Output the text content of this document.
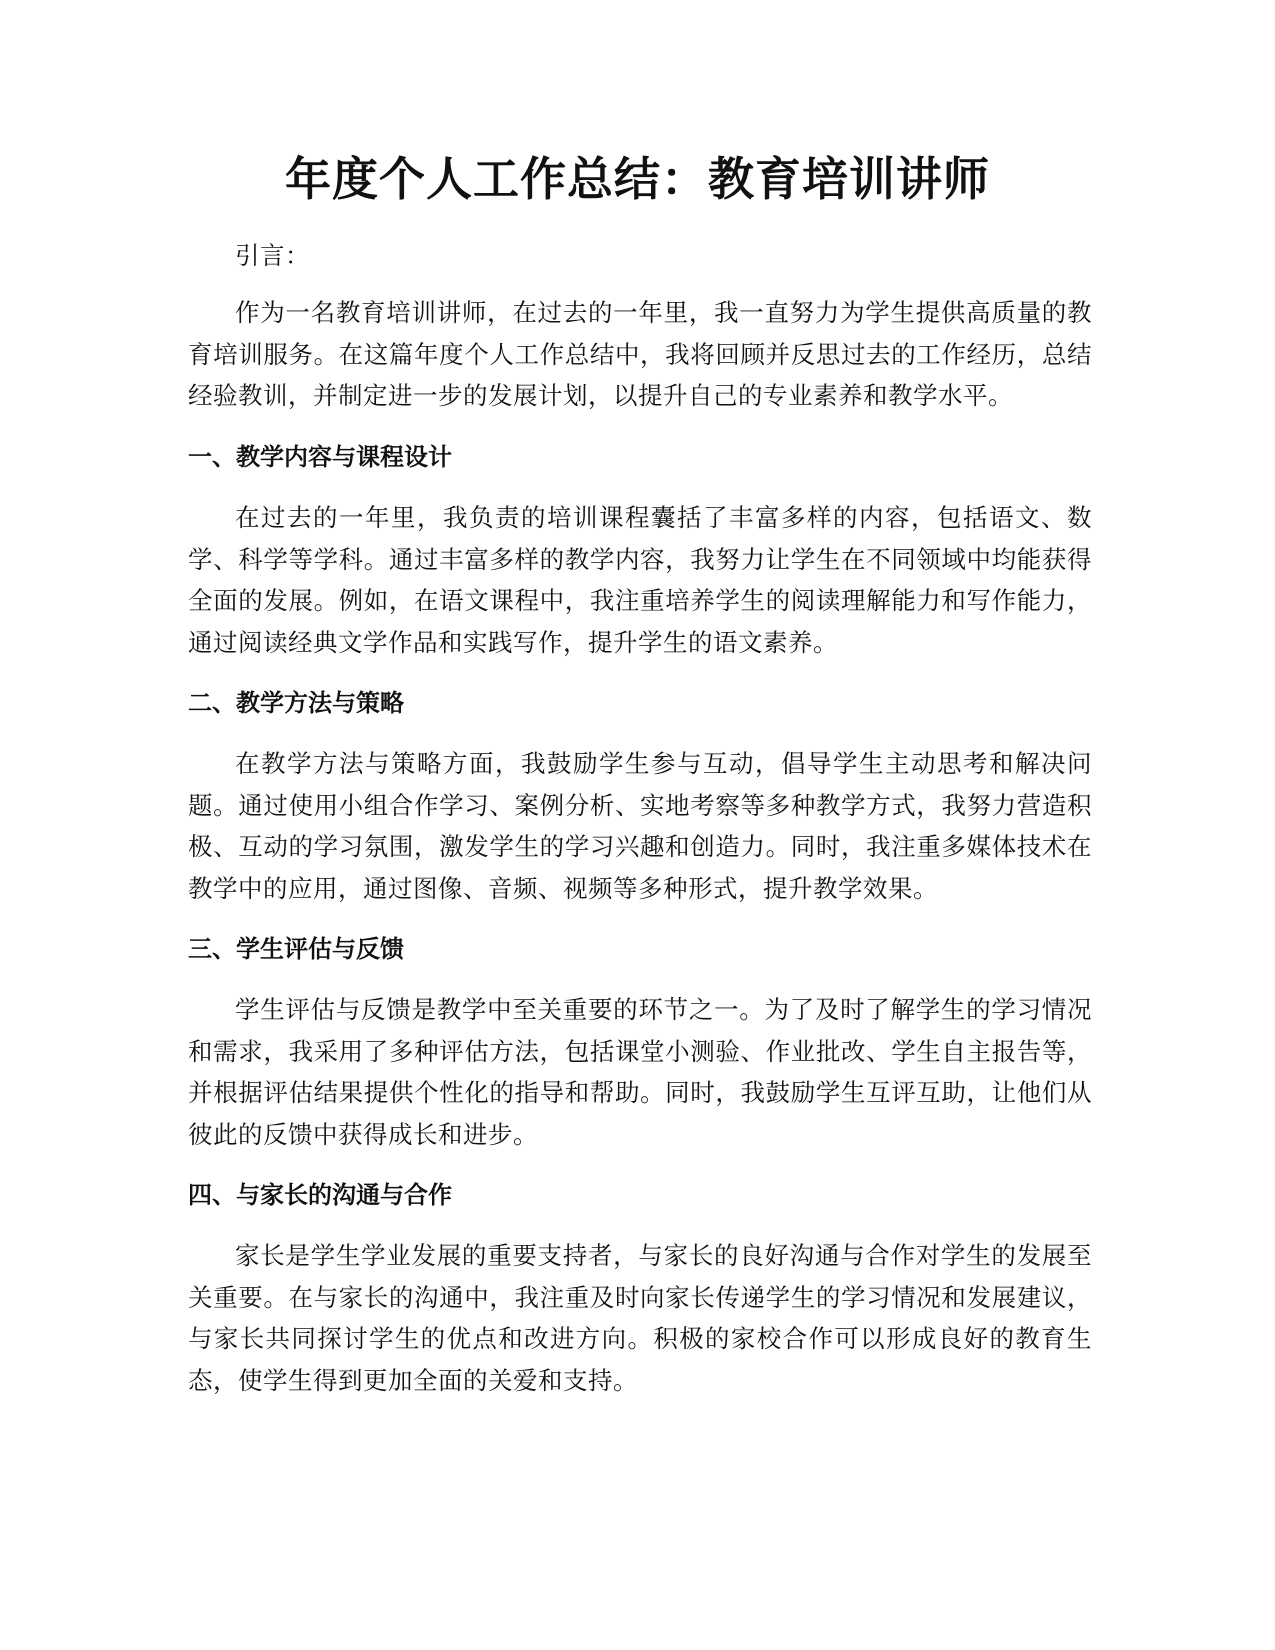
年度个人工作总结：教育培训讲师

引言：

作为一名教育培训讲师，在过去的一年里，我一直努力为学生提供高质量的教育培训服务。在这篇年度个人工作总结中，我将回顾并反思过去的工作经历，总结经验教训，并制定进一步的发展计划，以提升自己的专业素养和教学水平。

一、教学内容与课程设计

在过去的一年里，我负责的培训课程囊括了丰富多样的内容，包括语文、数学、科学等学科。通过丰富多样的教学内容，我努力让学生在不同领域中均能获得全面的发展。例如，在语文课程中，我注重培养学生的阅读理解能力和写作能力，通过阅读经典文学作品和实践写作，提升学生的语文素养。

二、教学方法与策略

在教学方法与策略方面，我鼓励学生参与互动，倡导学生主动思考和解决问题。通过使用小组合作学习、案例分析、实地考察等多种教学方式，我努力营造积极、互动的学习氛围，激发学生的学习兴趣和创造力。同时，我注重多媒体技术在教学中的应用，通过图像、音频、视频等多种形式，提升教学效果。

三、学生评估与反馈

学生评估与反馈是教学中至关重要的环节之一。为了及时了解学生的学习情况和需求，我采用了多种评估方法，包括课堂小测验、作业批改、学生自主报告等，并根据评估结果提供个性化的指导和帮助。同时，我鼓励学生互评互助，让他们从彼此的反馈中获得成长和进步。

四、与家长的沟通与合作

家长是学生学业发展的重要支持者，与家长的良好沟通与合作对学生的发展至关重要。在与家长的沟通中，我注重及时向家长传递学生的学习情况和发展建议，与家长共同探讨学生的优点和改进方向。积极的家校合作可以形成良好的教育生态，使学生得到更加全面的关爱和支持。
